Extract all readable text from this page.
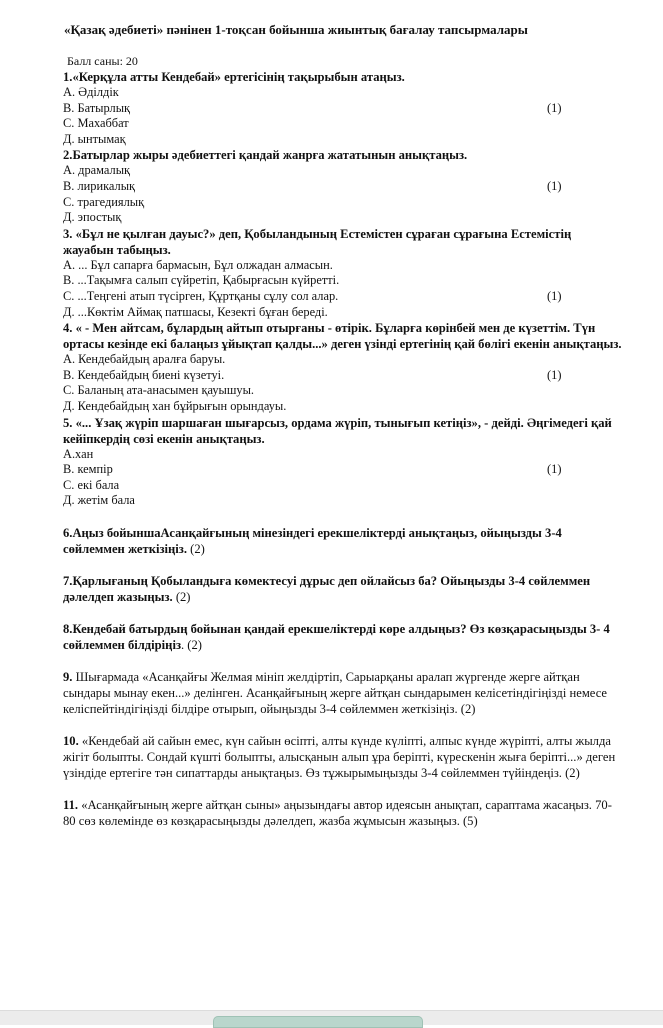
«Қазақ әдебиеті» пәнінен 1-тоқсан бойынша жиынтық бағалау тапсырмалары
Балл саны: 20

1.«Керқұла атты Кендебай» ертегісінің тақырыбын атаңыз.

А. Әділдік

В. Батырлық	(1)

С. Махаббат

Д. ынтымақ

2.Батырлар жыры әдебиеттегі қандай жанрға жататынын анықтаңыз.

А. драмалық

В. лирикалық	(1)

С. трагедиялық

Д. эпостық

3. «Бұл не қылған дауыс?» деп, Қобыландының Естемістен сұраған сұрағына Естемістің жауабын табыңыз.

А. ... Бұл сапарға бармасын, Бұл олжадан алмасын.

В. ...Тақымға салып сүйретіп, Қабырғасын күйретті.

С. ...Теңгені атып түсірген, Құртқаны сұлу сол алар.	(1)

Д. ...Көктім Аймақ патшасы, Кезекті бұған береді.

4. « - Мен айтсам, бұлардың айтып отырғаны - өтірік. Бұларға көрінбей мен де күзеттім. Түн ортасы кезінде екі балаңыз ұйықтап қалды...» деген үзінді ертегінің қай бөлігі екенін анықтаңыз.

А. Кендебайдың аралға баруы.

В. Кендебайдың биені күзетуі.	(1)

С. Баланың ата-анасымен қауышуы.

Д. Кендебайдың хан бұйрығын орындауы.

5. «... Ұзақ жүріп шаршаған шығарсыз, ордама жүріп, тынығып кетіңіз», - дейді. Әңгімедегі қай кейіпкердің сөзі екенін анықтаңыз.

А.хан

В. кемпір	(1)

С. екі бала

Д. жетім бала

6.Аңыз бойыншаАсанқайғының мінезіндегі ерекшеліктерді анықтаңыз, ойыңызды 3-4 сөйлеммен жеткізіңіз. (2)

7.Қарлығаның Қобыландыға көмектесуі дұрыс деп ойлайсыз ба? Ойыңызды 3-4 сөйлеммен дәлелдеп жазыңыз. (2)

8.Кендебай батырдың бойынан қандай ерекшеліктерді көре алдыңыз? Өз көзқарасыңызды 3- 4 сөйлеммен білдіріңіз. (2)

9. Шығармада «Асанқайғы Желмая мініп желдіртіп, Сарыарқаны аралап жүргенде жерге айтқан сындары мынау екен...» делінген. Асанқайғының жерге айтқан сындарымен келісетіндігіңізді немесе келіспейтіндігіңізді білдіре отырып, ойыңызды 3-4 сөйлеммен жеткізіңіз. (2)

10. «Кендебай ай сайын емес, күн сайын өсіпті, алты күнде күліпті, алпыс күнде жүріпті, алты жылда жігіт болыпты. Сондай күшті болыпты, алысқанын алып ұра беріпті, күрескенін жыға беріпті...» деген үзіндіде ертегіге тән сипаттарды анықтаңыз. Өз тұжырымыңызды 3-4 сөйлеммен түйіндеңіз. (2)

11. «Асанқайғының жерге айтқан сыны» аңызындағы автор идеясын анықтап, сараптама жасаңыз. 70-80 сөз көлемінде өз көзқарасыңызды дәлелдеп, жазба жұмысын жазыңыз. (5)
